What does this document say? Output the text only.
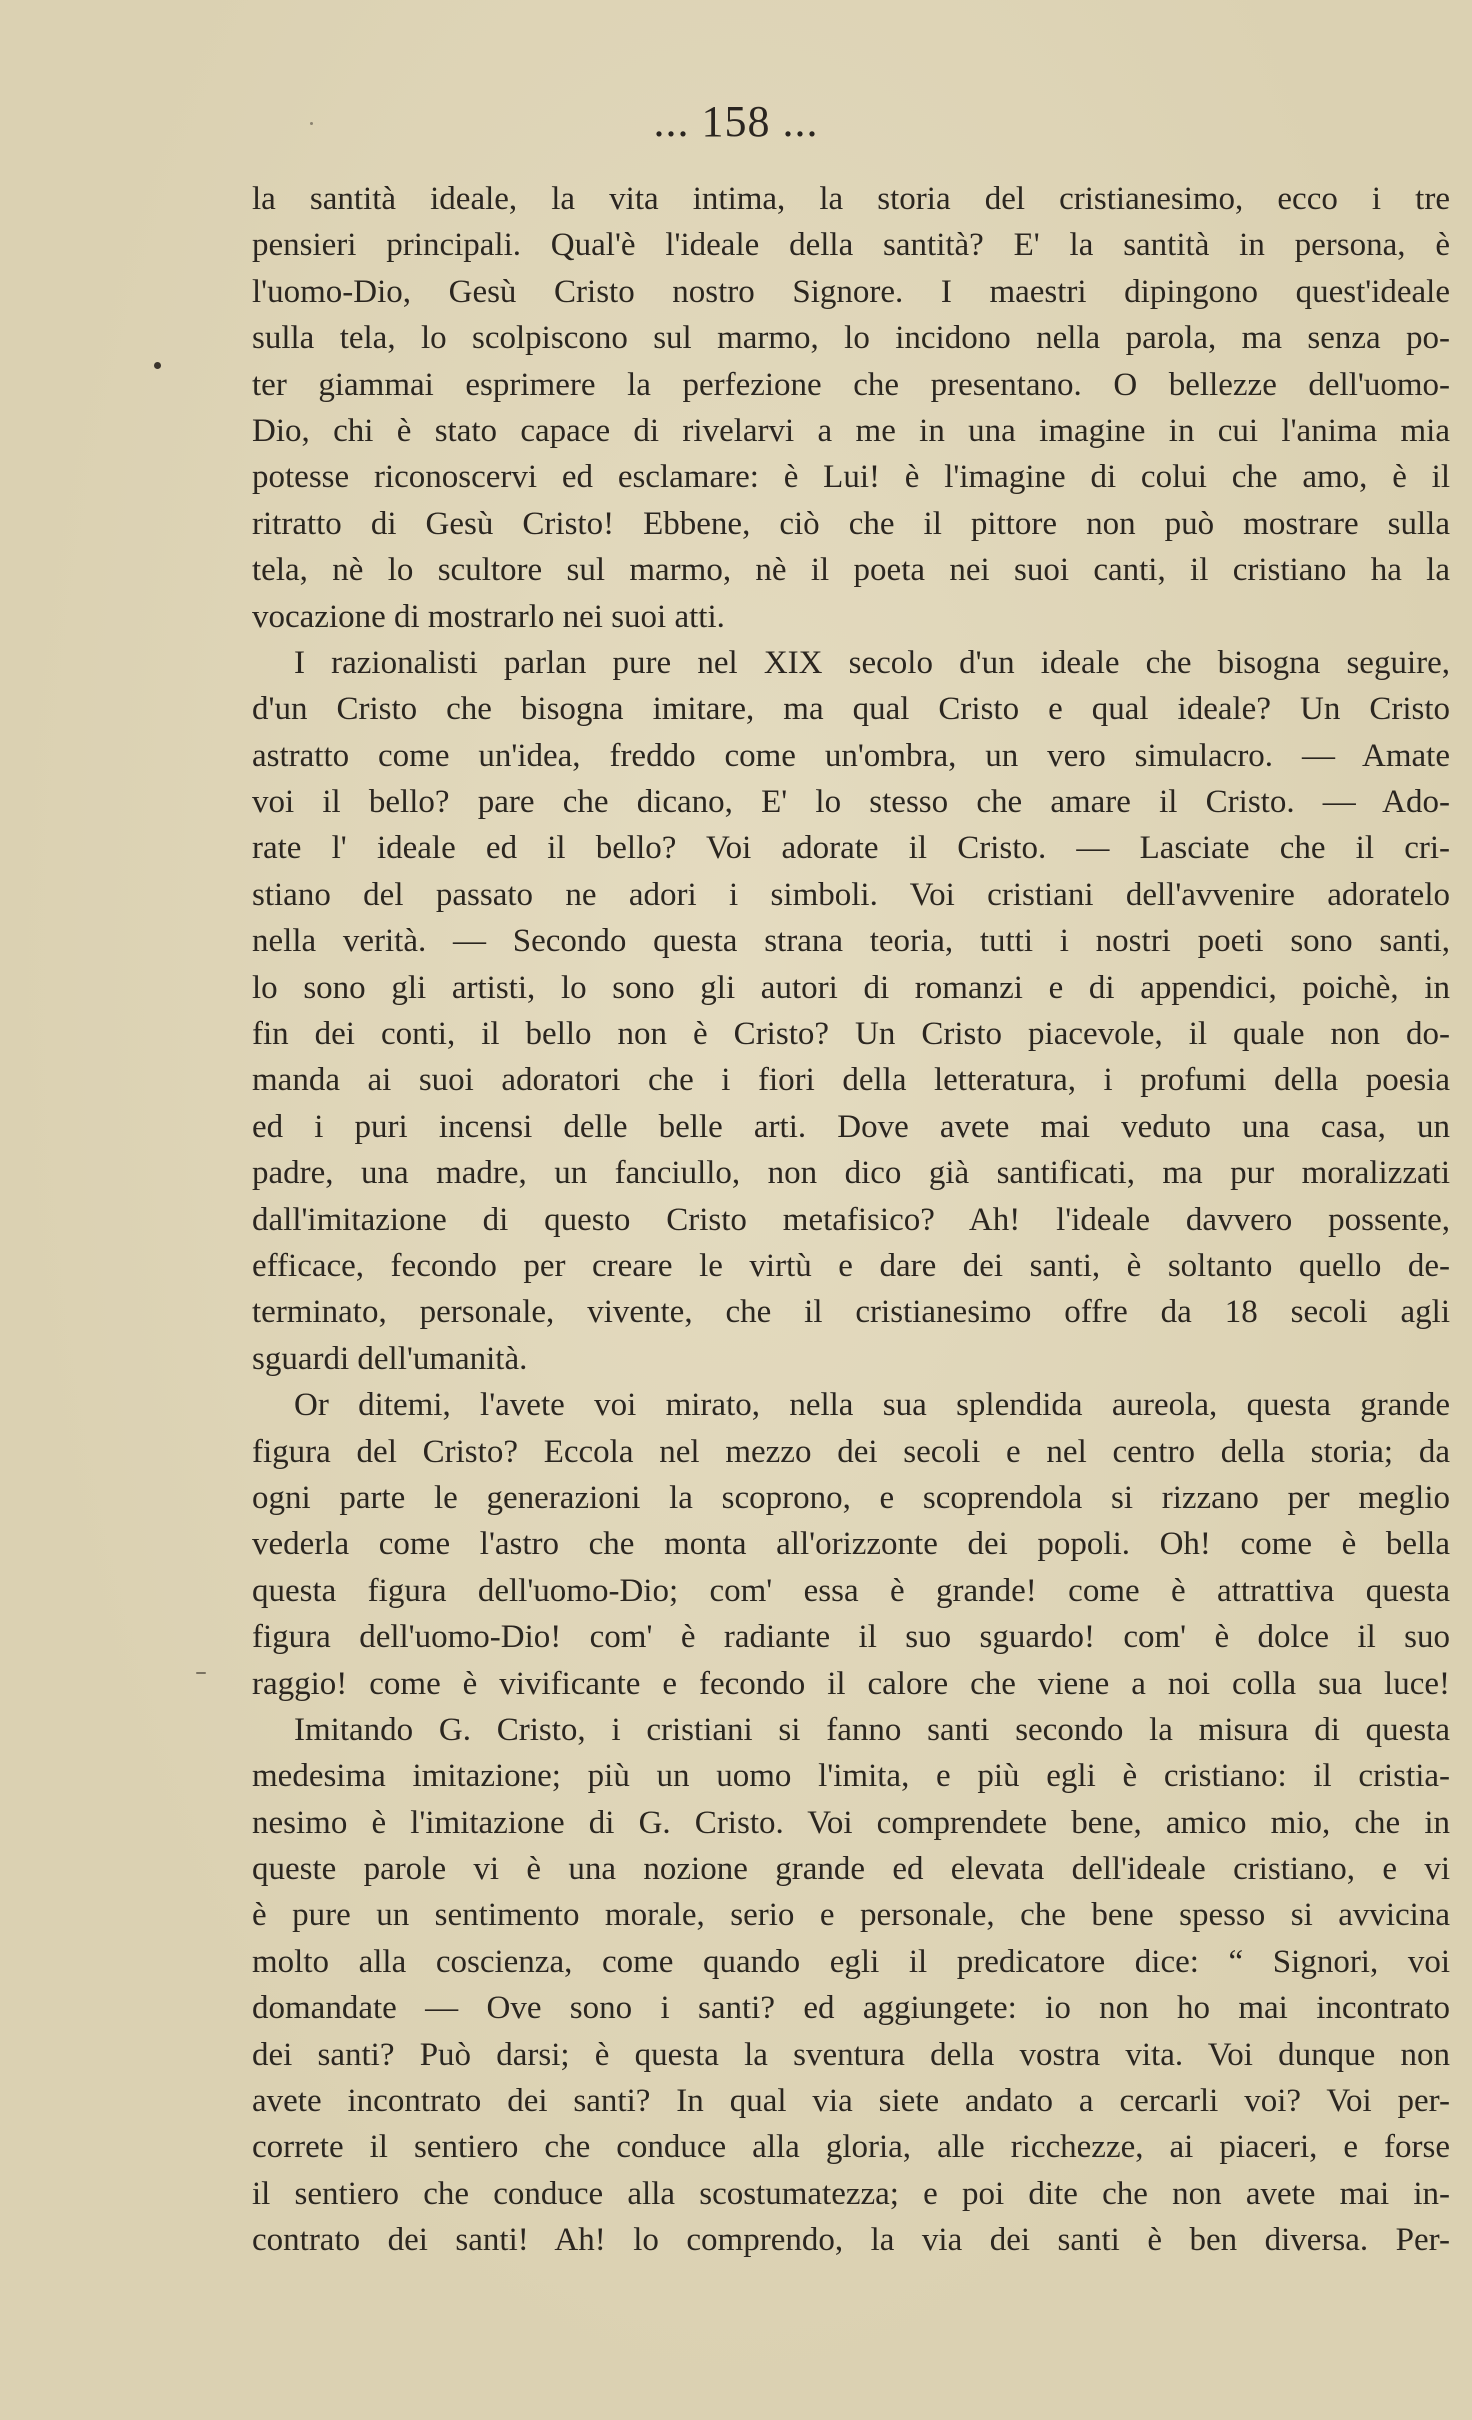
... 158 ...
la santità ideale, la vita intima, la storia del cristianesimo, ecco i tre
pensieri principali. Qual'è l'ideale della santità? E' la santità in persona, è
l'uomo-Dio, Gesù Cristo nostro Signore. I maestri dipingono quest'ideale
sulla tela, lo scolpiscono sul marmo, lo incidono nella parola, ma senza po-
ter giammai esprimere la perfezione che presentano. O bellezze dell'uomo-
Dio, chi è stato capace di rivelarvi a me in una imagine in cui l'anima mia
potesse riconoscervi ed esclamare: è Lui! è l'imagine di colui che amo, è il
ritratto di Gesù Cristo! Ebbene, ciò che il pittore non può mostrare sulla
tela, nè lo scultore sul marmo, nè il poeta nei suoi canti, il cristiano ha la
vocazione di mostrarlo nei suoi atti.
I razionalisti parlan pure nel XIX secolo d'un ideale che bisogna seguire,
d'un Cristo che bisogna imitare, ma qual Cristo e qual ideale? Un Cristo
astratto come un'idea, freddo come un'ombra, un vero simulacro. — Amate
voi il bello? pare che dicano, E' lo stesso che amare il Cristo. — Ado-
rate l' ideale ed il bello? Voi adorate il Cristo. — Lasciate che il cri-
stiano del passato ne adori i simboli. Voi cristiani dell'avvenire adoratelo
nella verità. — Secondo questa strana teoria, tutti i nostri poeti sono santi,
lo sono gli artisti, lo sono gli autori di romanzi e di appendici, poichè, in
fin dei conti, il bello non è Cristo? Un Cristo piacevole, il quale non do-
manda ai suoi adoratori che i fiori della letteratura, i profumi della poesia
ed i puri incensi delle belle arti. Dove avete mai veduto una casa, un
padre, una madre, un fanciullo, non dico già santificati, ma pur moralizzati
dall'imitazione di questo Cristo metafisico? Ah! l'ideale davvero possente,
efficace, fecondo per creare le virtù e dare dei santi, è soltanto quello de-
terminato, personale, vivente, che il cristianesimo offre da 18 secoli agli
sguardi dell'umanità.
Or ditemi, l'avete voi mirato, nella sua splendida aureola, questa grande
figura del Cristo? Eccola nel mezzo dei secoli e nel centro della storia; da
ogni parte le generazioni la scoprono, e scoprendola si rizzano per meglio
vederla come l'astro che monta all'orizzonte dei popoli. Oh! come è bella
questa figura dell'uomo-Dio; com' essa è grande! come è attrattiva questa
figura dell'uomo-Dio! com' è radiante il suo sguardo! com' è dolce il suo
raggio! come è vivificante e fecondo il calore che viene a noi colla sua luce!
Imitando G. Cristo, i cristiani si fanno santi secondo la misura di questa
medesima imitazione; più un uomo l'imita, e più egli è cristiano: il cristia-
nesimo è l'imitazione di G. Cristo. Voi comprendete bene, amico mio, che in
queste parole vi è una nozione grande ed elevata dell'ideale cristiano, e vi
è pure un sentimento morale, serio e personale, che bene spesso si avvicina
molto alla coscienza, come quando egli il predicatore dice: “ Signori, voi
domandate — Ove sono i santi? ed aggiungete: io non ho mai incontrato
dei santi? Può darsi; è questa la sventura della vostra vita. Voi dunque non
avete incontrato dei santi? In qual via siete andato a cercarli voi? Voi per-
correte il sentiero che conduce alla gloria, alle ricchezze, ai piaceri, e forse
il sentiero che conduce alla scostumatezza; e poi dite che non avete mai in-
contrato dei santi! Ah! lo comprendo, la via dei santi è ben diversa. Per-
